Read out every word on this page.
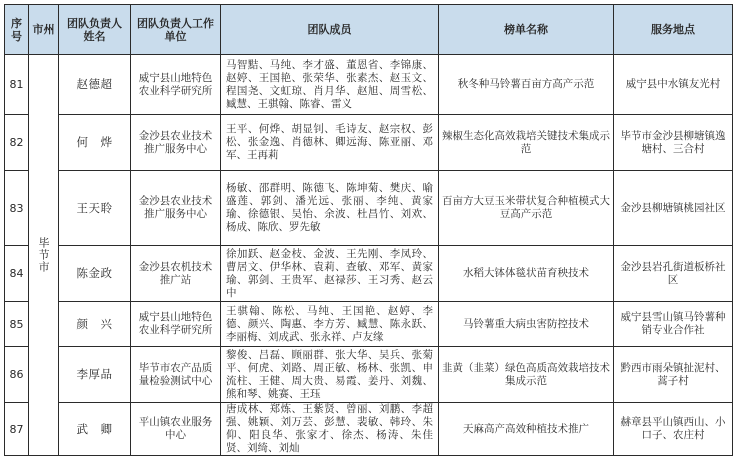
序号	市州	团队负责人姓名	团队负责人工作单位	团队成员	榜单名称	服务地点
81	毕节市	赵德超	威宁县山地特色农业科学研究所	马智黠、马纯、李才盛、董恩省、李锦康、赵婷、王国艳、张荣华、张素杰、赵玉文、程国尧、文虹琼、肖月华、赵旭、周雪松、臧慧、王骐翰、陈睿、雷义	秋冬种马铃薯百亩方高产示范	威宁县中水镇友光村
82		何　烨	金沙县农业技术推广服务中心	王平、何烨、胡显钊、毛诗友、赵宗权、彭松、张金逸、肖德林、卿远海、陈亚丽、邓军、王再莉	辣椒生态化高效栽培关键技术集成示范	毕节市金沙县柳塘镇逸塘村、三合村
83		王天聆	金沙县农业技术推广服务中心	杨敏、邵群明、陈德飞、陈坤菊、樊庆、喻盛莲、郭剑、潘光远、张丽、李纯、黄家瑜、徐德银、吴怡、余波、杜昌竹、刘欢、杨成、陈欣、罗先敏	百亩方大豆玉米带状复合种植模式大豆高产示范	金沙县柳塘镇桃园社区
84		陈金政	金沙县农机技术推广站	徐加跃、赵金枝、金波、王先刚、李凤玲、曹居文、伊华林、袁莉、查敏、邓军、黄家瑜、郭剑、王贵军、赵禄莎、王习秀、赵云中	水稻大钵体毯状苗育秧技术	金沙县岩孔街道板桥社区
85		颜　兴	威宁县山地特色农业科学研究所	王骐翰、陈松、马纯、王国艳、赵婷、李德、颜兴、陶惠、李方芳、臧慧、陈永跃、李丽梅、刘成武、张永祥、卢友缘	马铃薯重大病虫害防控技术	威宁县雪山镇马铃薯种销专业合作社
86		李厚品	毕节市农产品质量检验测试中心	黎俊、吕磊、顾丽群、张大华、吴兵、张菊平、何虎、刘路、周正敏、杨林、张凯、申流柱、王健、周大贵、易霞、姜丹、刘魏、熊和琴、姚赛、王珏	韭黄（韭菜）绿色高质高效栽培技术集成示范	黔西市雨朵镇扯泥村、蒿子村
87		武　卿	平山镇农业服务中心	唐成林、郑炼、王紫贤、曾丽、刘鹏、李超强、姚颖、刘万芸、彭慧、裴敏、韩玲、朱仰、阳良华、张家才、徐杰、杨涛、朱佳贤、刘绮、刘灿	天麻高产高效种植技术推广	赫章县平山镇西山、小口子、农庄村
